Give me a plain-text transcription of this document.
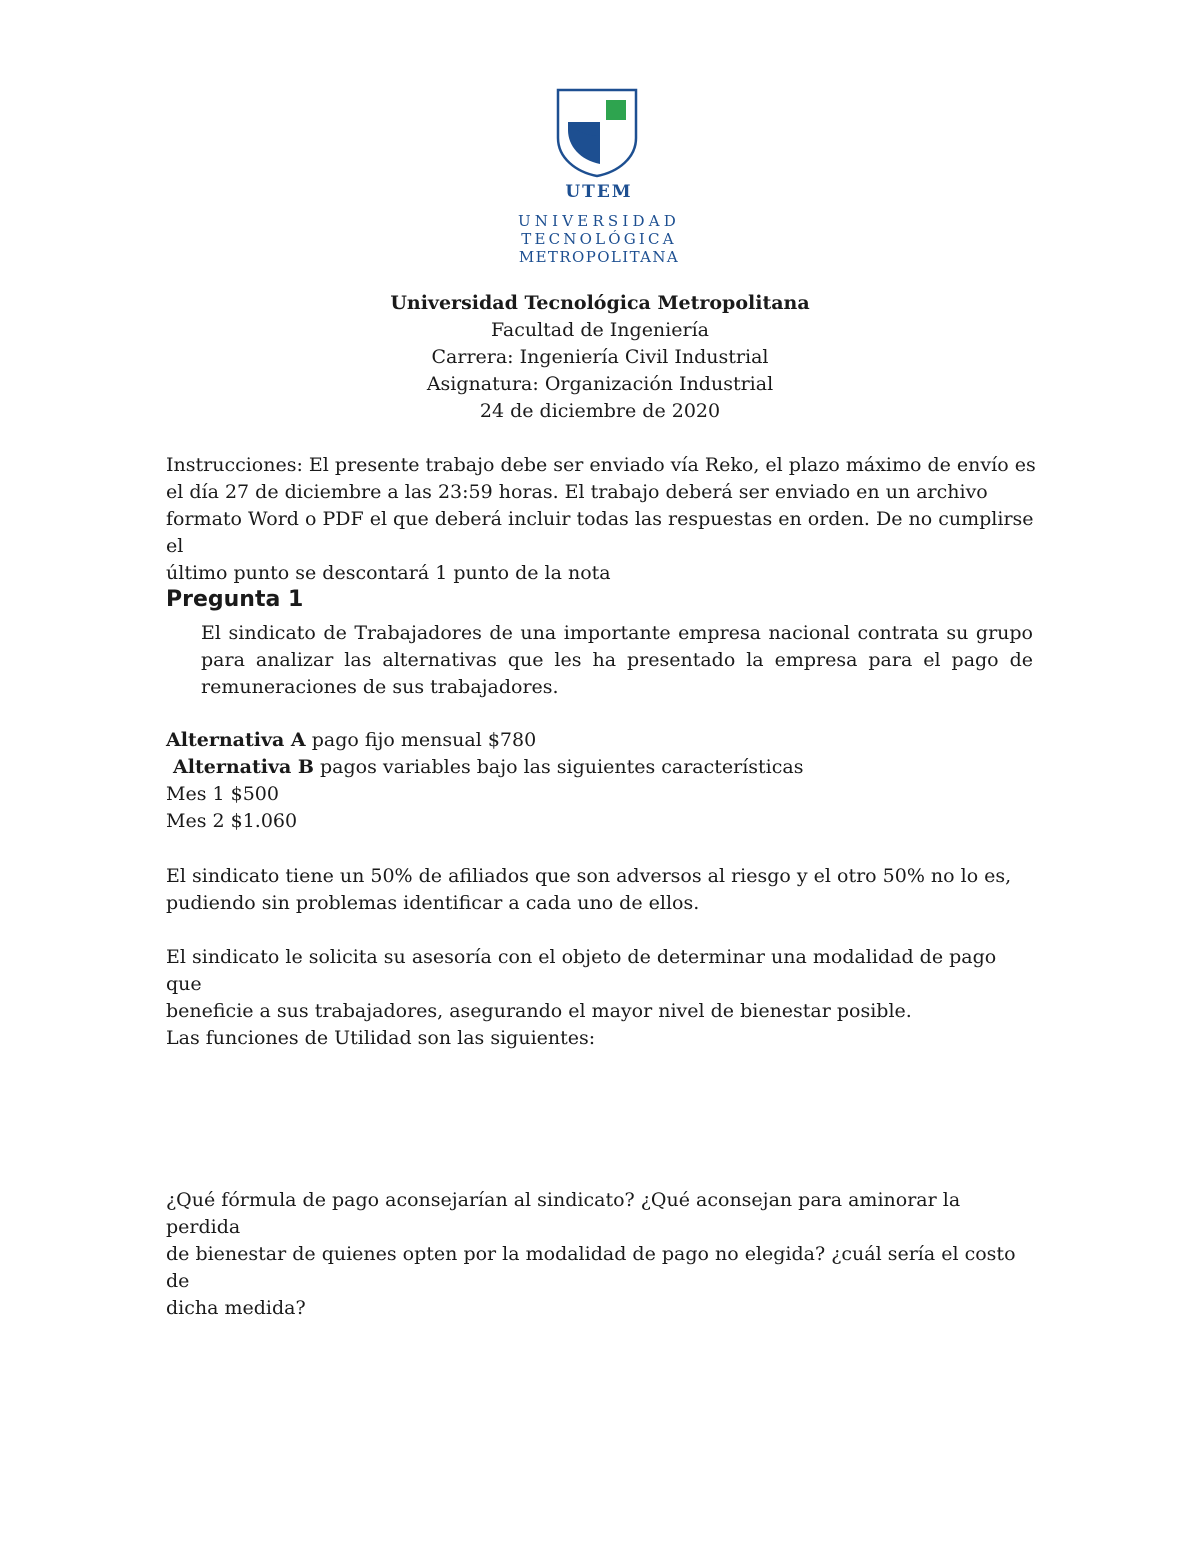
UTEM
UNIVERSIDAD
TECNOLÓGICA
METROPOLITANA
Universidad Tecnológica Metropolitana
Facultad de Ingeniería
Carrera: Ingeniería Civil Industrial
Asignatura: Organización Industrial
24 de diciembre de 2020
Instrucciones: El presente trabajo debe ser enviado vía Reko, el plazo máximo de envío es
el día 27 de diciembre a las 23:59 horas. El trabajo deberá ser enviado en un archivo
formato Word o PDF el que deberá incluir todas las respuestas en orden. De no cumplirse el
último punto se descontará 1 punto de la nota
Pregunta 1
El sindicato de Trabajadores de una importante empresa nacional contrata su grupo para analizar las alternativas que les ha presentado la empresa para el pago de remuneraciones de sus trabajadores.
Alternativa A pago fijo mensual $780
Alternativa B pagos variables bajo las siguientes características
Mes 1 $500
Mes 2 $1.060
El sindicato tiene un 50% de afiliados que son adversos al riesgo y el otro 50% no lo es,
pudiendo sin problemas identificar a cada uno de ellos.
El sindicato le solicita su asesoría con el objeto de determinar una modalidad de pago que
beneficie a sus trabajadores, asegurando el mayor nivel de bienestar posible.
Las funciones de Utilidad son las siguientes:
¿Qué fórmula de pago aconsejarían al sindicato? ¿Qué aconsejan para aminorar la perdida
de bienestar de quienes opten por la modalidad de pago no elegida? ¿cuál sería el costo de
dicha medida?
